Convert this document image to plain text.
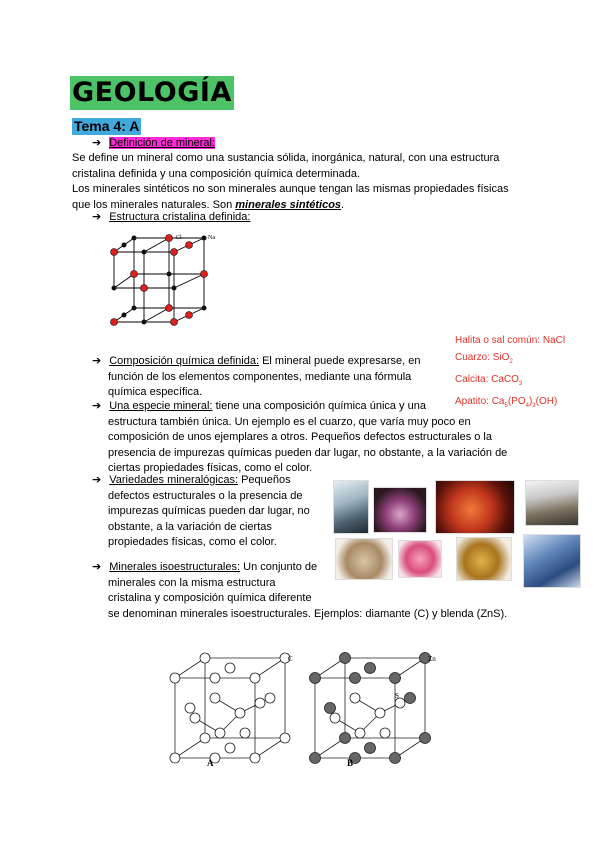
GEOLOGÍA
Tema 4: A
➔ Definición de mineral:
Se define un mineral como una sustancia sólida, inorgánica, natural, con una estructura
cristalina definida y una composición química determinada.
Los minerales sintéticos no son minerales aunque tengan las mismas propiedades físicas
que los minerales naturales. Son minerales sintéticos.
➔ Estructura cristalina definida:
Cl	Na
Halita o sal común: NaCl
Cuarzo: SiO$_2$
Calcita: CaCO$_3$
Apatito: $Ca_5(PO_4)_3(OH)$
➔ Composición química definida: El mineral puede expresarse, en
función de los elementos componentes, mediante una fórmula
química específica.
➔ Una especie mineral: tiene una composición química única y una
estructura también única. Un ejemplo es el cuarzo, que varía muy poco en
composición de unos ejemplares a otros. Pequeños defectos estructurales o la
presencia de impurezas químicas pueden dar lugar, no obstante, a la variación de
ciertas propiedades físicas, como el color.
➔ Variedades mineralógicas: Pequeños
defectos estructurales o la presencia de
impurezas químicas pueden dar lugar, no
obstante, a la variación de ciertas
propiedades físicas, como el color.
➔ Minerales isoestructurales: Un conjunto de
minerales con la misma estructura
cristalina y composición química diferente
se denominan minerales isoestructurales. Ejemplos: diamante (C) y blenda (ZnS).
C
A
Zn
S
B
